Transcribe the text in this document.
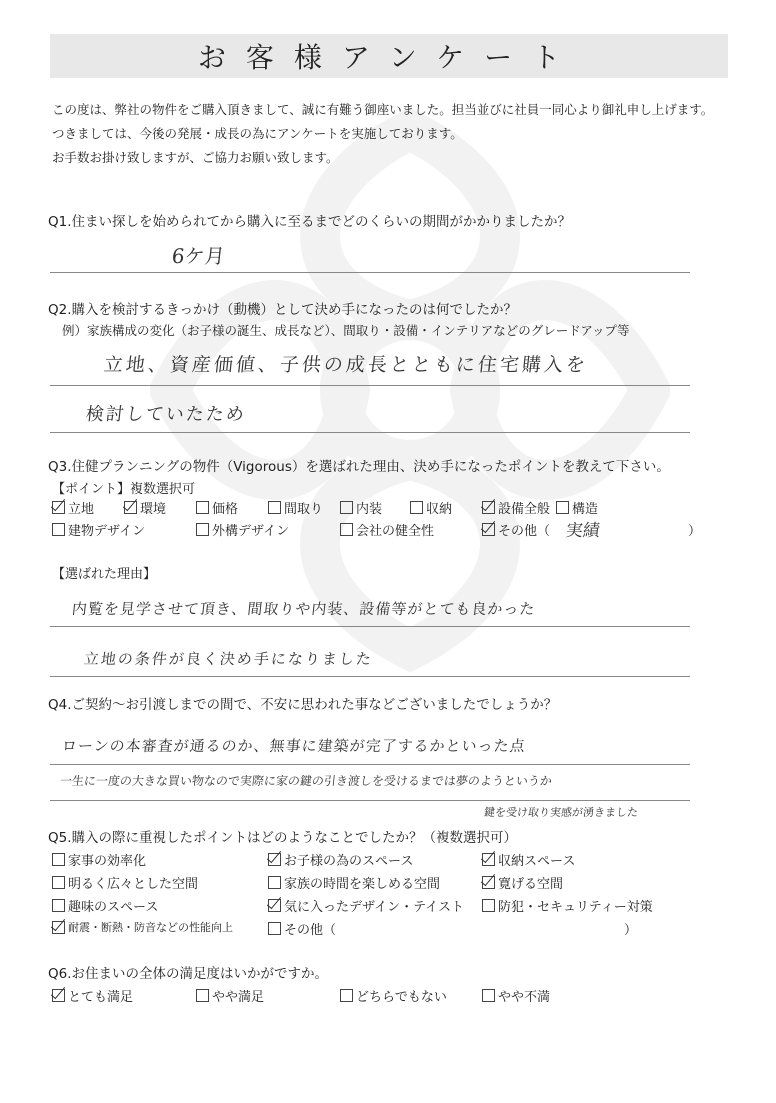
お客様アンケート
この度は、弊社の物件をご購入頂きまして、誠に有難う御座いました。担当並びに社員一同心より御礼申し上げます。
つきましては、今後の発展・成長の為にアンケートを実施しております。
お手数お掛け致しますが、ご協力お願い致します。
Q1.住まい探しを始められてから購入に至るまでどのくらいの期間がかかりましたか？
6ケ月
Q2.購入を検討するきっかけ（動機）として決め手になったのは何でしたか？
例）家族構成の変化（お子様の誕生、成長など）、間取り・設備・インテリアなどのグレードアップ等
立地、資産価値、子供の成長とともに住宅購入を
検討していたため
Q3.住健プランニングの物件（Vigorous）を選ばれた理由、決め手になったポイントを教えて下さい。
【ポイント】複数選択可
立地	環境	価格	間取り	内装	収納	設備全般 構造
建物デザイン	外構デザイン	会社の健全性	その他（ 実績	）
【選ばれた理由】
内覧を見学させて頂き、間取りや内装、設備等がとても良かった
立地の条件が良く決め手になりました
Q4.ご契約～お引渡しまでの間で、不安に思われた事などございましたでしょうか？
ローンの本審査が通るのか、無事に建築が完了するかといった点
一生に一度の大きな買い物なので実際に家の鍵の引き渡しを受けるまでは夢のようというか
鍵を受け取り実感が湧きました
Q5.購入の際に重視したポイントはどのようなことでしたか？（複数選択可）
家事の効率化	お子様の為のスペース	収納スペース
明るく広々とした空間	家族の時間を楽しめる空間	寛げる空間
趣味のスペース	気に入ったデザイン・テイスト	防犯・セキュリティー対策
耐震・断熱・防音などの性能向上	その他（	）
Q6.お住まいの全体の満足度はいかがですか。
とても満足	やや満足	どちらでもない	やや不満
